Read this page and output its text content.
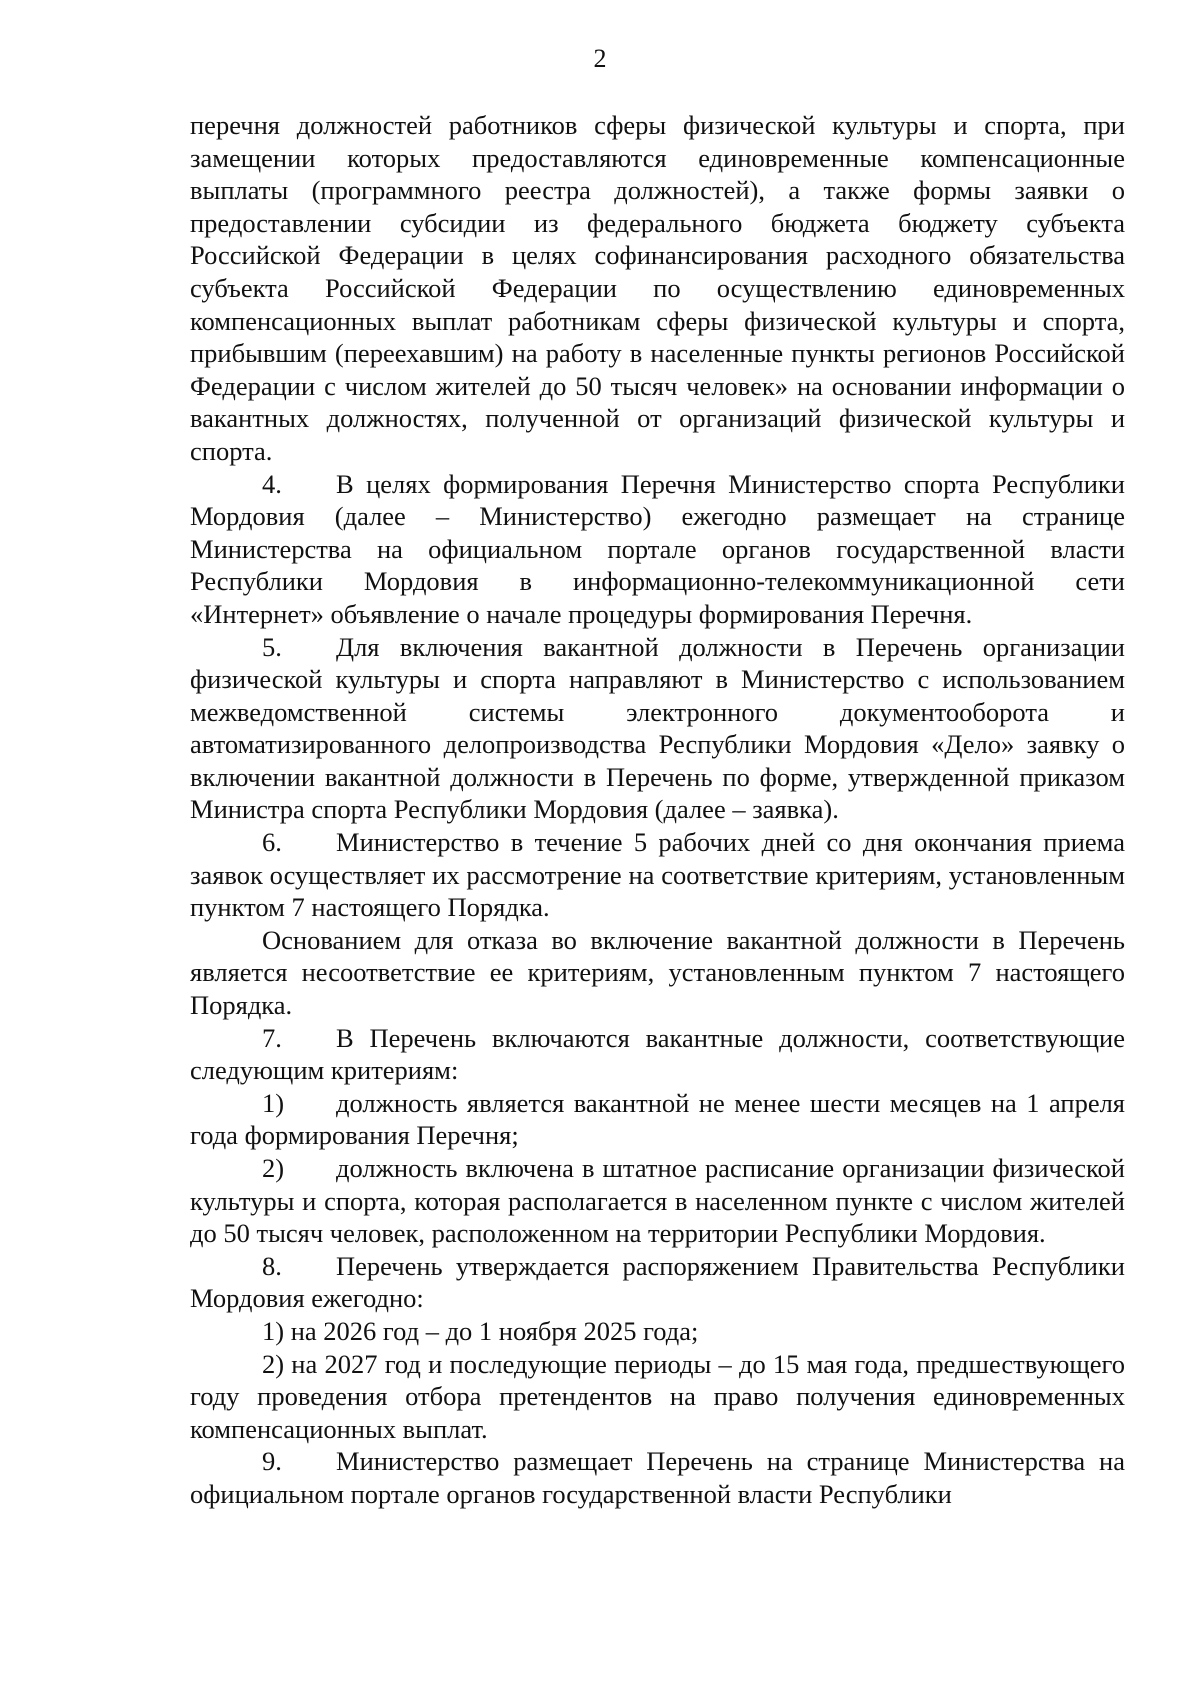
2

перечня должностей работников сферы физической культуры и спорта, при замещении которых предоставляются единовременные компенсационные выплаты (программного реестра должностей), а также формы заявки о предоставлении субсидии из федерального бюджета бюджету субъекта Российской Федерации в целях софинансирования расходного обязательства субъекта Российской Федерации по осуществлению единовременных компенсационных выплат работникам сферы физической культуры и спорта, прибывшим (переехавшим) на работу в населенные пункты регионов Российской Федерации с числом жителей до 50 тысяч человек» на основании информации о вакантных должностях, полученной от организаций физической культуры и спорта.

4. В целях формирования Перечня Министерство спорта Республики Мордовия (далее – Министерство) ежегодно размещает на странице Министерства на официальном портале органов государственной власти Республики Мордовия в информационно-телекоммуникационной сети «Интернет» объявление о начале процедуры формирования Перечня.

5. Для включения вакантной должности в Перечень организации физической культуры и спорта направляют в Министерство с использованием межведомственной системы электронного документооборота и автоматизированного делопроизводства Республики Мордовия «Дело» заявку о включении вакантной должности в Перечень по форме, утвержденной приказом Министра спорта Республики Мордовия (далее – заявка).

6. Министерство в течение 5 рабочих дней со дня окончания приема заявок осуществляет их рассмотрение на соответствие критериям, установленным пунктом 7 настоящего Порядка.

Основанием для отказа во включение вакантной должности в Перечень является несоответствие ее критериям, установленным пунктом 7 настоящего Порядка.

7. В Перечень включаются вакантные должности, соответствующие следующим критериям:

1) должность является вакантной не менее шести месяцев на 1 апреля года формирования Перечня;

2) должность включена в штатное расписание организации физической культуры и спорта, которая располагается в населенном пункте с числом жителей до 50 тысяч человек, расположенном на территории Республики Мордовия.

8. Перечень утверждается распоряжением Правительства Республики Мордовия ежегодно:

1) на 2026 год – до 1 ноября 2025 года;

2) на 2027 год и последующие периоды – до 15 мая года, предшествующего году проведения отбора претендентов на право получения единовременных компенсационных выплат.

9. Министерство размещает Перечень на странице Министерства на официальном портале органов государственной власти Республики
